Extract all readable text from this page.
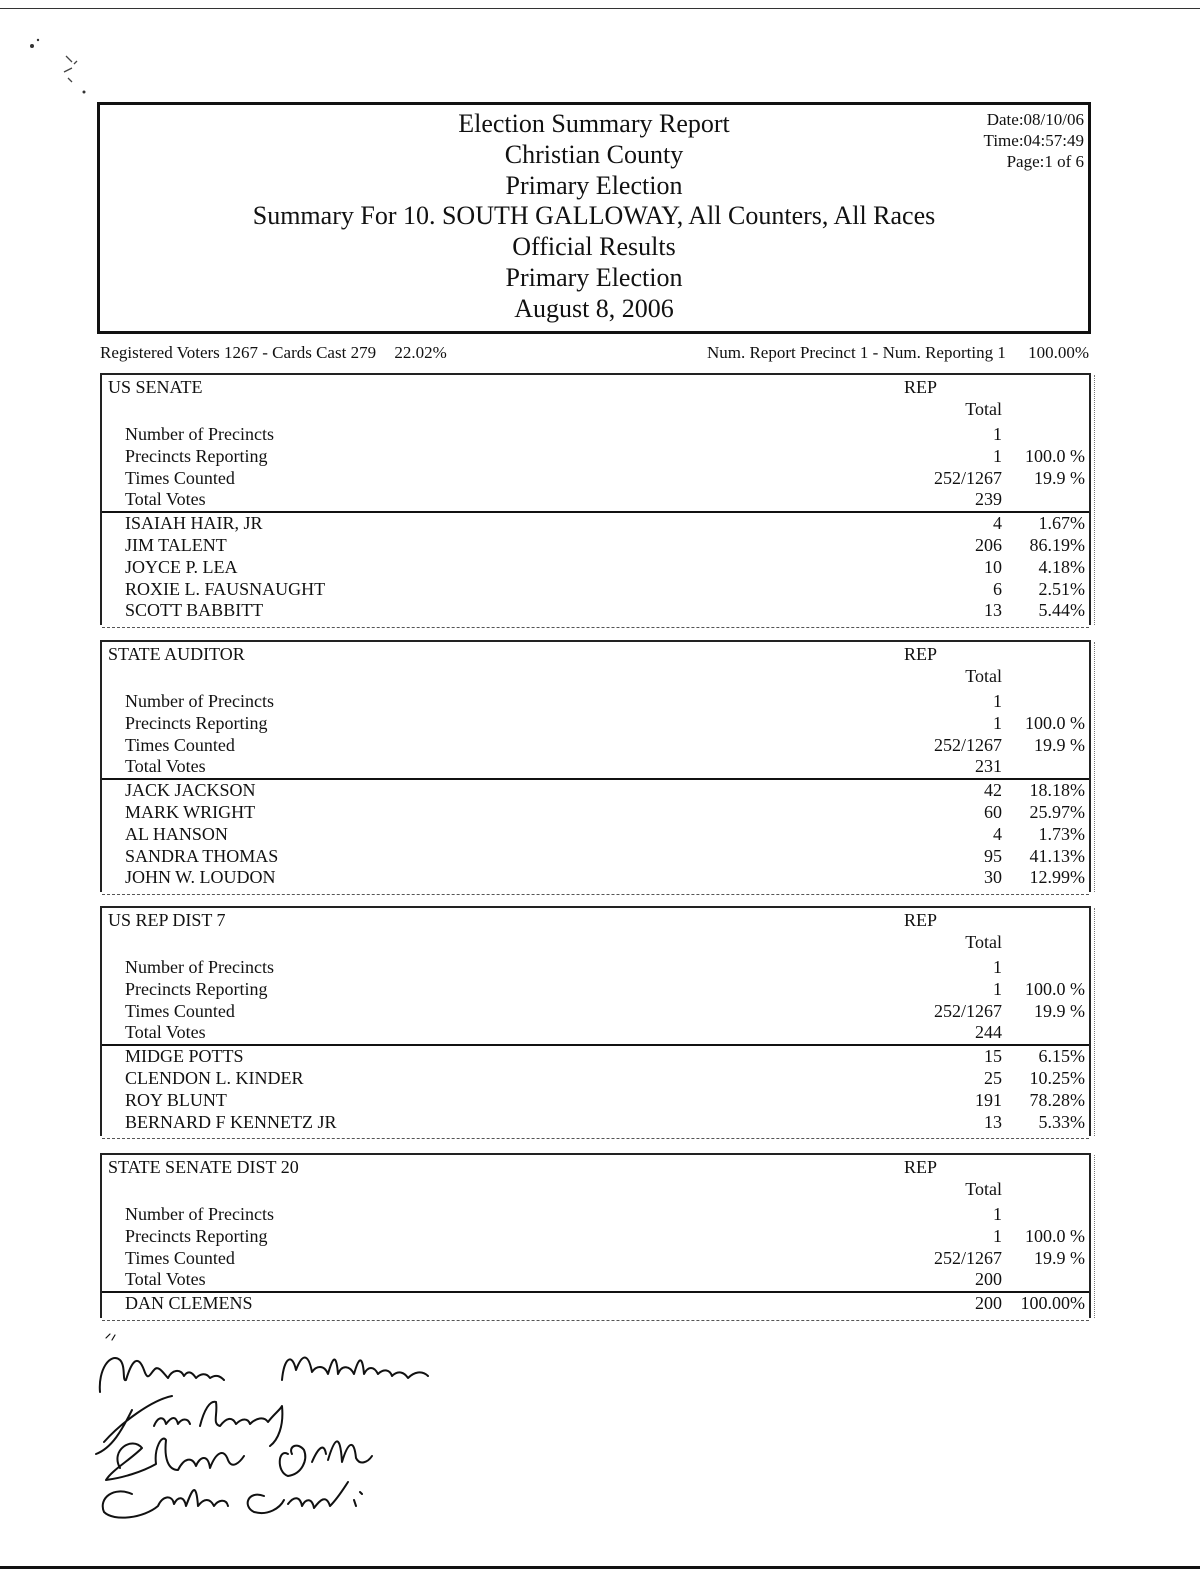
Election Summary Report
Christian County
Primary Election
Summary For 10. SOUTH GALLOWAY, All Counters, All Races
Official Results
Primary Election
August 8, 2006
Date:08/10/06
Time:04:57:49
Page:1 of 6
Registered Voters 1267 - Cards Cast 279 22.02%	Num. Report Precinct 1 - Num. Reporting 1 100.00%
US SENATE	REP
Total
Number of Precincts	1
Precincts Reporting	1 100.0 %
Times Counted	252/1267 19.9 %
Total Votes	239
ISAIAH HAIR, JR	4 1.67%
JIM TALENT	206 86.19%
JOYCE P. LEA	10 4.18%
ROXIE L. FAUSNAUGHT	6 2.51%
SCOTT BABBITT	13 5.44%
STATE AUDITOR	REP
Total
Number of Precincts	1
Precincts Reporting	1 100.0 %
Times Counted	252/1267 19.9 %
Total Votes	231
JACK JACKSON	42 18.18%
MARK WRIGHT	60 25.97%
AL HANSON	4 1.73%
SANDRA THOMAS	95 41.13%
JOHN W. LOUDON	30 12.99%
US REP DIST 7	REP
Total
Number of Precincts	1
Precincts Reporting	1 100.0 %
Times Counted	252/1267 19.9 %
Total Votes	244
MIDGE POTTS	15 6.15%
CLENDON L. KINDER	25 10.25%
ROY BLUNT	191 78.28%
BERNARD F KENNETZ JR	13 5.33%
STATE SENATE DIST 20	REP
Total
Number of Precincts	1
Precincts Reporting	1 100.0 %
Times Counted	252/1267 19.9 %
Total Votes	200
DAN CLEMENS	200 100.00%
